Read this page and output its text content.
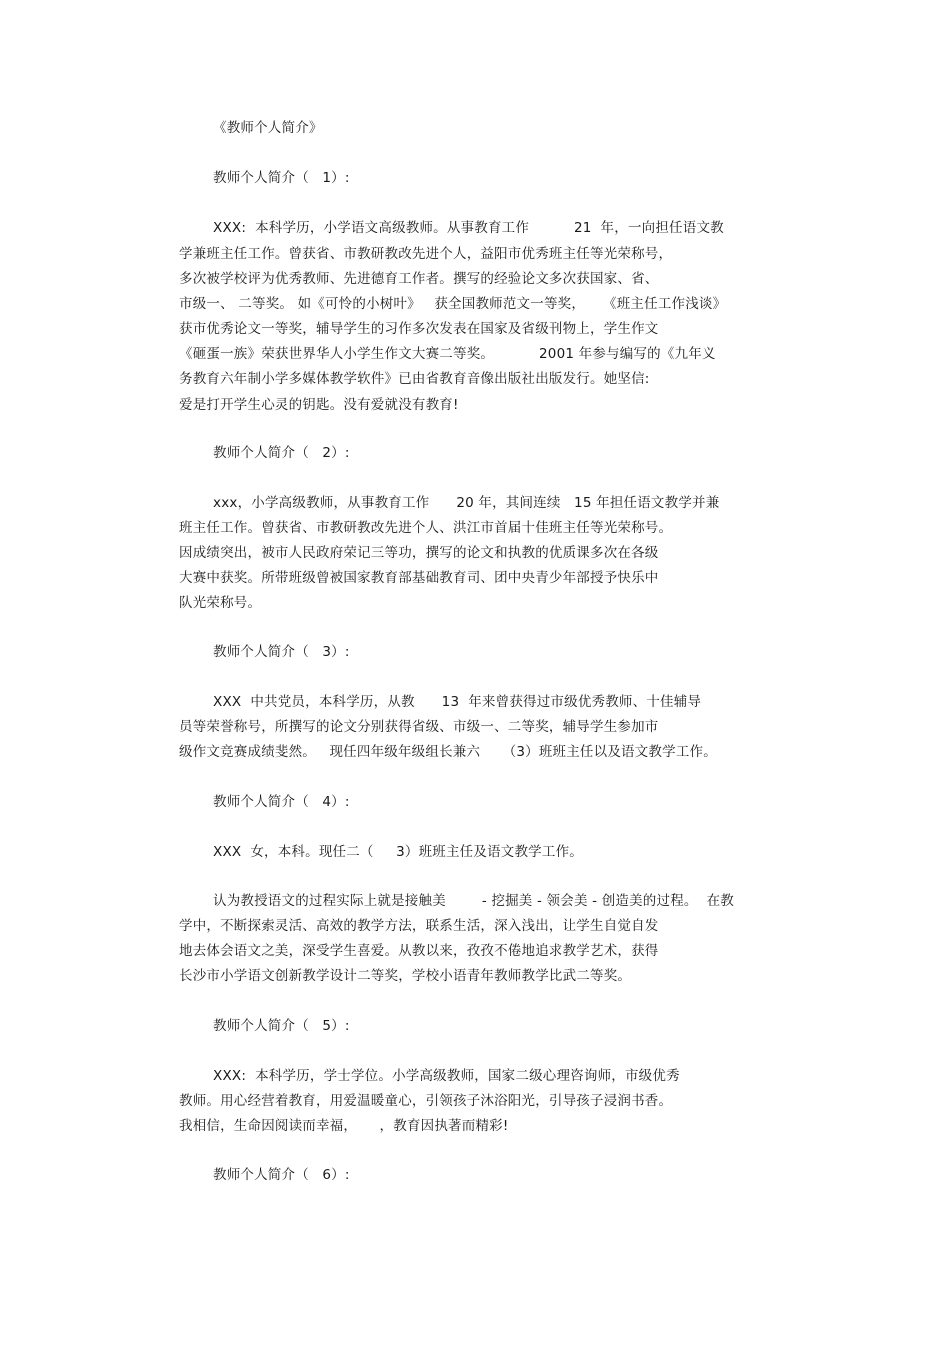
《教师个人简介》
教师个人简介（   1）:
XXX:  本科学历，小学语文高级教师。从事教育工作          21  年，一向担任语文教
学兼班主任工作。曾获省、市教研教改先进个人，益阳市优秀班主任等光荣称号，
多次被学校评为优秀教师、先进德育工作者。撰写的经验论文多次获国家、省、
市级一、 二等奖。 如《可怜的小树叶》   获全国教师范文一等奖，    《班主任工作浅谈》
获市优秀论文一等奖，辅导学生的习作多次发表在国家及省级刊物上，学生作文
《砸蛋一族》荣获世界华人小学生作文大赛二等奖。          2001 年参与编写的《九年义
务教育六年制小学多媒体教学软件》已由省教育音像出版社出版发行。她坚信:
爱是打开学生心灵的钥匙。没有爱就没有教育!
教师个人简介（   2）:
xxx，小学高级教师，从事教育工作      20 年，其间连续   15 年担任语文教学并兼
班主任工作。曾获省、市教研教改先进个人、洪江市首届十佳班主任等光荣称号。
因成绩突出，被市人民政府荣记三等功，撰写的论文和执教的优质课多次在各级
大赛中获奖。所带班级曾被国家教育部基础教育司、团中央青少年部授予快乐中
队光荣称号。
教师个人简介（   3）:
XXX  中共党员，本科学历，从教      13  年来曾获得过市级优秀教师、十佳辅导
员等荣誉称号，所撰写的论文分别获得省级、市级一、二等奖，辅导学生参加市
级作文竞赛成绩斐然。   现任四年级年级组长兼六     （3）班班主任以及语文教学工作。
教师个人简介（   4）:
XXX  女，本科。现任二（     3）班班主任及语文教学工作。
认为教授语文的过程实际上就是接触美        - 挖掘美 - 领会美 - 创造美的过程。  在教
学中，不断探索灵活、高效的教学方法，联系生活，深入浅出，让学生自觉自发
地去体会语文之美，深受学生喜爱。从教以来，孜孜不倦地追求教学艺术，获得
长沙市小学语文创新教学设计二等奖，学校小语青年教师教学比武二等奖。
教师个人简介（   5）:
XXX:  本科学历，学士学位。小学高级教师，国家二级心理咨询师，市级优秀
教师。用心经营着教育，用爱温暖童心，引领孩子沐浴阳光，引导孩子浸润书香。
我相信，生命因阅读而幸福，     ，教育因执著而精彩!
教师个人简介（   6）:
